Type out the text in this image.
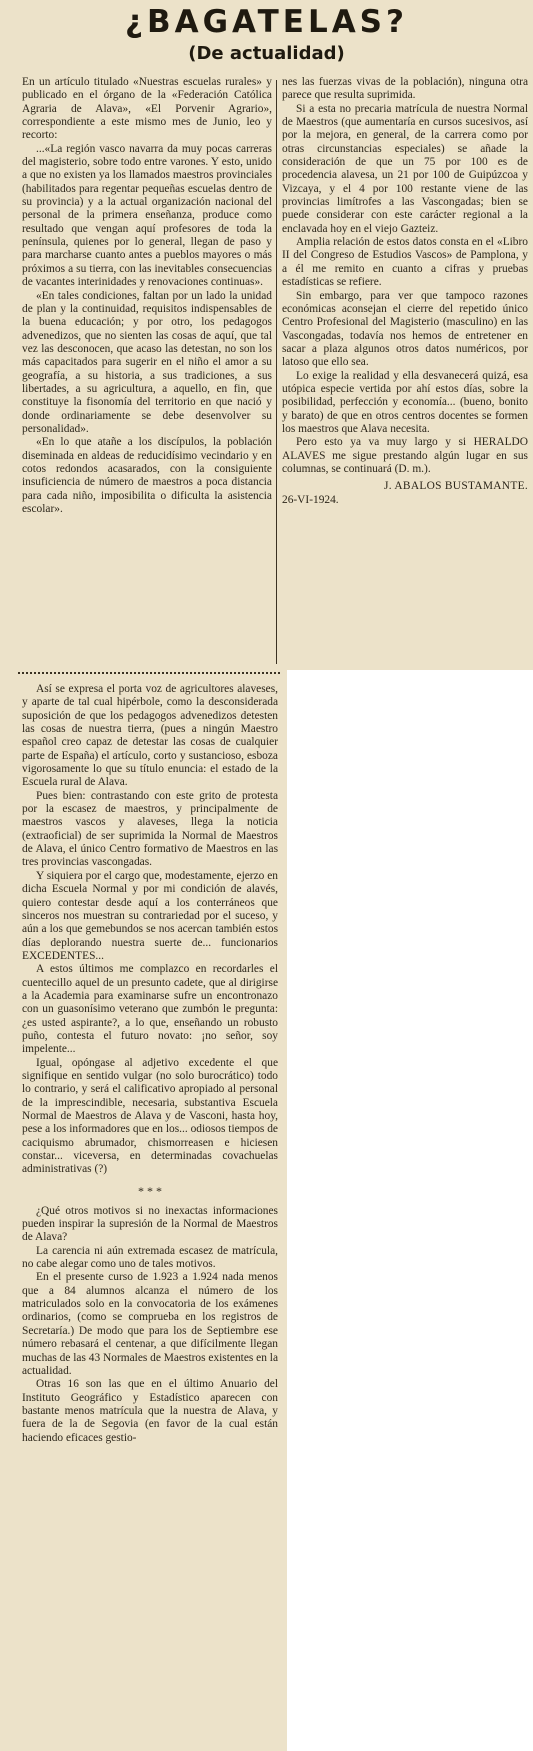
¿BAGATELAS?
(De actualidad)

En un artículo titulado «Nuestras escuelas rurales» y publicado en el órgano de la «Federación Católica Agraria de Alava», «El Porvenir Agrario», correspondiente a este mismo mes de Junio, leo y recorto:

...«La región vasco navarra da muy pocas carreras del magisterio, sobre todo entre varones. Y esto, unido a que no existen ya los llamados maestros provinciales (habilitados para regentar pequeñas escuelas dentro de su provincia) y a la actual organización nacional del personal de la primera enseñanza, produce como resultado que vengan aquí profesores de toda la península, quienes por lo general, llegan de paso y para marcharse cuanto antes a pueblos mayores o más próximos a su tierra, con las inevitables consecuencias de vacantes interinidades y renovaciones continuas».

«En tales condiciones, faltan por un lado la unidad de plan y la continuidad, requisitos indispensables de la buena educación; y por otro, los pedagogos advenedizos, que no sienten las cosas de aquí, que tal vez las desconocen, que acaso las detestan, no son los más capacitados para sugerir en el niño el amor a su geografía, a su historia, a sus tradiciones, a sus libertades, a su agricultura, a aquello, en fin, que constituye la fisonomía del territorio en que nació y donde ordinariamente se debe desenvolver su personalidad».

«En lo que atañe a los discípulos, la población diseminada en aldeas de reducidísimo vecindario y en cotos redondos acasarados, con la consiguiente insuficiencia de número de maestros a poca distancia para cada niño, imposibilita o dificulta la asistencia escolar».

nes las fuerzas vivas de la población), ninguna otra parece que resulta suprimida.

Si a esta no precaria matrícula de nuestra Normal de Maestros (que aumentaría en cursos sucesivos, así por la mejora, en general, de la carrera como por otras circunstancias especiales) se añade la consideración de que un 75 por 100 es de procedencia alavesa, un 21 por 100 de Guipúzcoa y Vizcaya, y el 4 por 100 restante viene de las provincias limítrofes a las Vascongadas; bien se puede considerar con este carácter regional a la enclavada hoy en el viejo Gazteiz.

Amplia relación de estos datos consta en el «Libro II del Congreso de Estudios Vascos» de Pamplona, y a él me remito en cuanto a cifras y pruebas estadísticas se refiere.

Sin embargo, para ver que tampoco razones económicas aconsejan el cierre del repetido único Centro Profesional del Magisterio (masculino) en las Vascongadas, todavía nos hemos de entretener en sacar a plaza algunos otros datos numéricos, por latoso que ello sea.

Lo exige la realidad y ella desvanecerá quizá, esa utópica especie vertida por ahí estos días, sobre la posibilidad, perfección y economía... (bueno, bonito y barato) de que en otros centros docentes se formen los maestros que Alava necesita.

Pero esto ya va muy largo y si HERALDO ALAVES me sigue prestando algún lugar en sus columnas, se continuará (D. m.).

J. ABALOS BUSTAMANTE.

26-VI-1924.

Así se expresa el porta voz de agricultores alaveses, y aparte de tal cual hipérbole, como la desconsiderada suposición de que los pedagogos advenedizos detesten las cosas de nuestra tierra, (pues a ningún Maestro español creo capaz de detestar las cosas de cualquier parte de España) el artículo, corto y sustancioso, esboza vigorosamente lo que su título enuncia: el estado de la Escuela rural de Alava.

Pues bien: contrastando con este grito de protesta por la escasez de maestros, y principalmente de maestros vascos y alaveses, llega la noticia (extraoficial) de ser suprimida la Normal de Maestros de Alava, el único Centro formativo de Maestros en las tres provincias vascongadas.

Y siquiera por el cargo que, modestamente, ejerzo en dicha Escuela Normal y por mi condición de alavés, quiero contestar desde aquí a los conterráneos que sinceros nos muestran su contrariedad por el suceso, y aún a los que gemebundos se nos acercan también estos días deplorando nuestra suerte de... funcionarios EXCEDENTES...

A estos últimos me complazco en recordarles el cuentecillo aquel de un presunto cadete, que al dirigirse a la Academia para examinarse sufre un encontronazo con un guasonísimo veterano que zumbón le pregunta: ¿es usted aspirante?, a lo que, enseñando un robusto puño, contesta el futuro novato: ¡no señor, soy impelente...

Igual, opóngase al adjetivo excedente el que signifique en sentido vulgar (no solo burocrático) todo lo contrario, y será el calificativo apropiado al personal de la imprescindible, necesaria, substantiva Escuela Normal de Maestros de Alava y de Vasconi, hasta hoy, pese a los informadores que en los... odiosos tiempos de caciquismo abrumador, chismorreasen e hiciesen constar... viceversa, en determinadas covachuelas administrativas (?)

* * *

¿Qué otros motivos si no inexactas informaciones pueden inspirar la supresión de la Normal de Maestros de Alava?

La carencia ni aún extremada escasez de matrícula, no cabe alegar como uno de tales motivos.

En el presente curso de 1.923 a 1.924 nada menos que a 84 alumnos alcanza el número de los matriculados solo en la convocatoria de los exámenes ordinarios, (como se comprueba en los registros de Secretaría.) De modo que para los de Septiembre ese número rebasará el centenar, a que difícilmente llegan muchas de las 43 Normales de Maestros existentes en la actualidad.

Otras 16 son las que en el último Anuario del Instituto Geográfico y Estadístico aparecen con bastante menos matrícula que la nuestra de Alava, y fuera de la de Segovia (en favor de la cual están haciendo eficaces gestio-
